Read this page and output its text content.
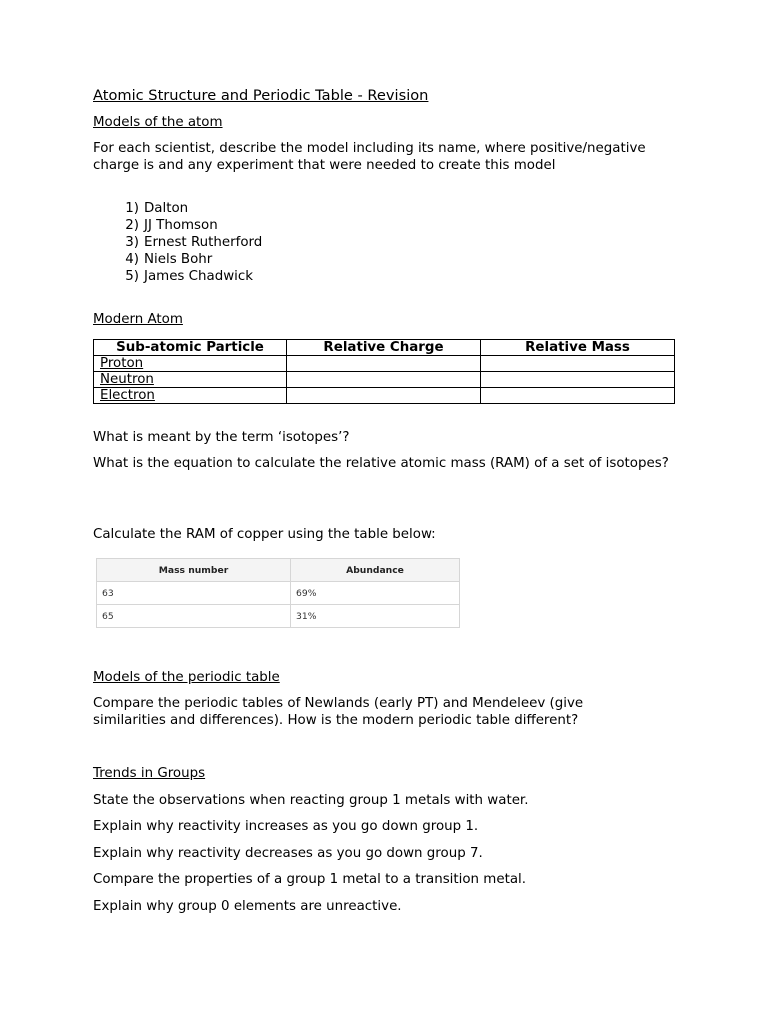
Atomic Structure and Periodic Table - Revision
Models of the atom
For each scientist, describe the model including its name, where positive/negative charge is and any experiment that were needed to create this model
1) Dalton
2) JJ Thomson
3) Ernest Rutherford
4) Niels Bohr
5) James Chadwick
Modern Atom
Sub-atomic Particle	Relative Charge	Relative Mass
Proton		
Neutron		
Electron		
What is meant by the term ‘isotopes’?
What is the equation to calculate the relative atomic mass (RAM) of a set of isotopes?
Calculate the RAM of copper using the table below:
Mass number	Abundance
63	69%
65	31%
Models of the periodic table
Compare the periodic tables of Newlands (early PT) and Mendeleev (give similarities and differences). How is the modern periodic table different?
Trends in Groups
State the observations when reacting group 1 metals with water.
Explain why reactivity increases as you go down group 1.
Explain why reactivity decreases as you go down group 7.
Compare the properties of a group 1 metal to a transition metal.
Explain why group 0 elements are unreactive.
